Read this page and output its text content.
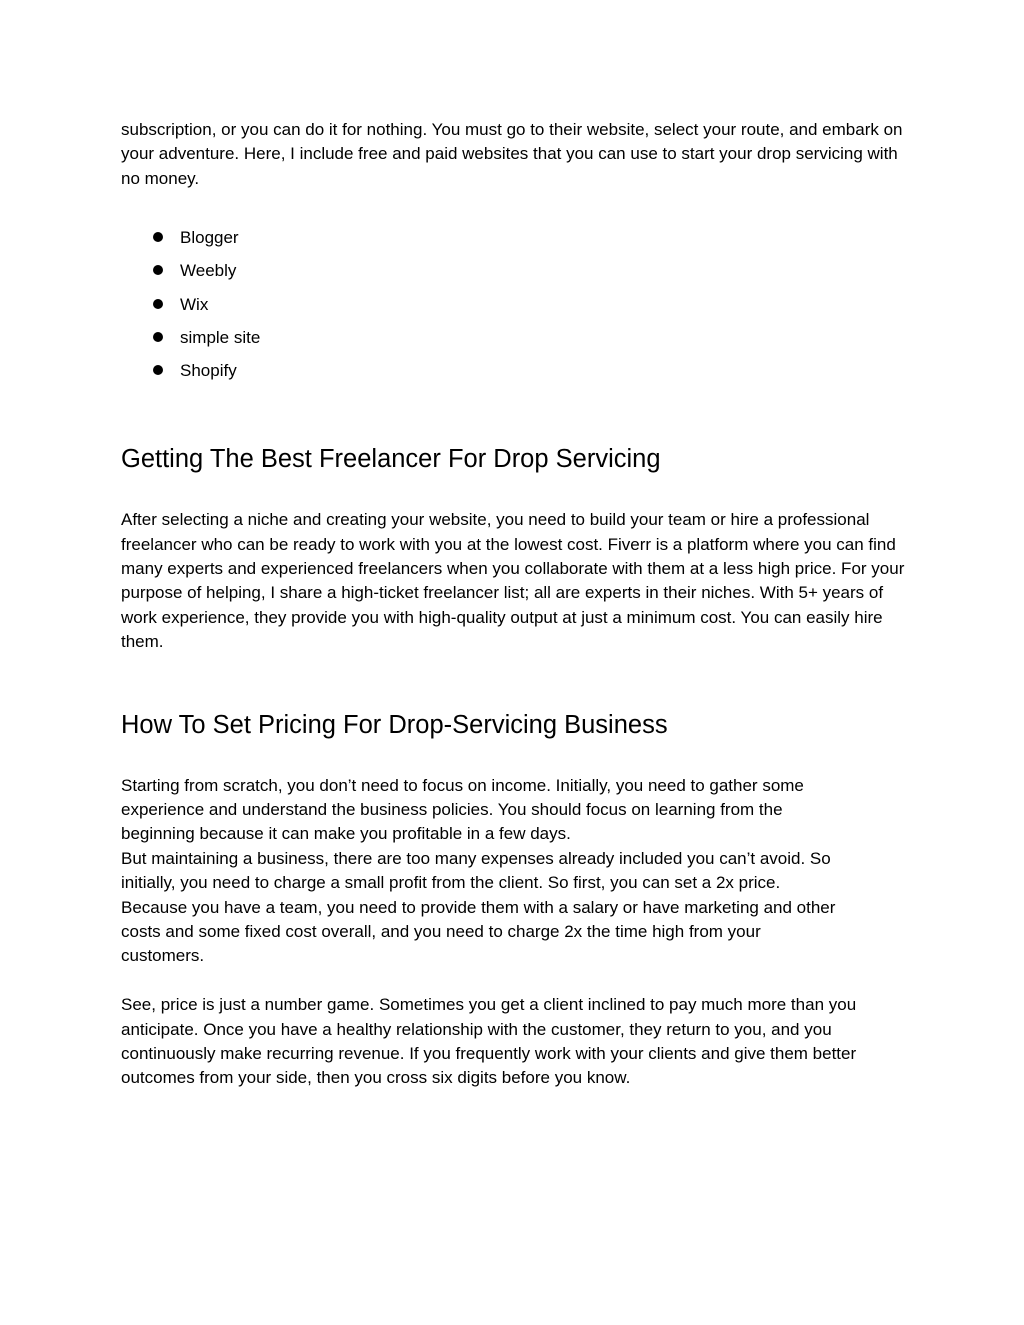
subscription, or you can do it for nothing. You must go to their website, select your route, and embark on your adventure. Here, I include free and paid websites that you can use to start your drop servicing with no money.

Blogger
Weebly
Wix
simple site
Shopify
Getting The Best Freelancer For Drop Servicing

After selecting a niche and creating your website, you need to build your team or hire a professional freelancer who can be ready to work with you at the lowest cost. Fiverr is a platform where you can find many experts and experienced freelancers when you collaborate with them at a less high price. For your purpose of helping, I share a high-ticket freelancer list; all are experts in their niches. With 5+ years of work experience, they provide you with high-quality output at just a minimum cost. You can easily hire them.

How To Set Pricing For Drop-Servicing Business

Starting from scratch, you don’t need to focus on income. Initially, you need to gather some
experience and understand the business policies. You should focus on learning from the
beginning because it can make you profitable in a few days.
But maintaining a business, there are too many expenses already included you can’t avoid. So
initially, you need to charge a small profit from the client. So first, you can set a 2x price.
Because you have a team, you need to provide them with a salary or have marketing and other
costs and some fixed cost overall, and you need to charge 2x the time high from your
customers.

See, price is just a number game. Sometimes you get a client inclined to pay much more than you anticipate. Once you have a healthy relationship with the customer, they return to you, and you continuously make recurring revenue. If you frequently work with your clients and give them better outcomes from your side, then you cross six digits before you know.
